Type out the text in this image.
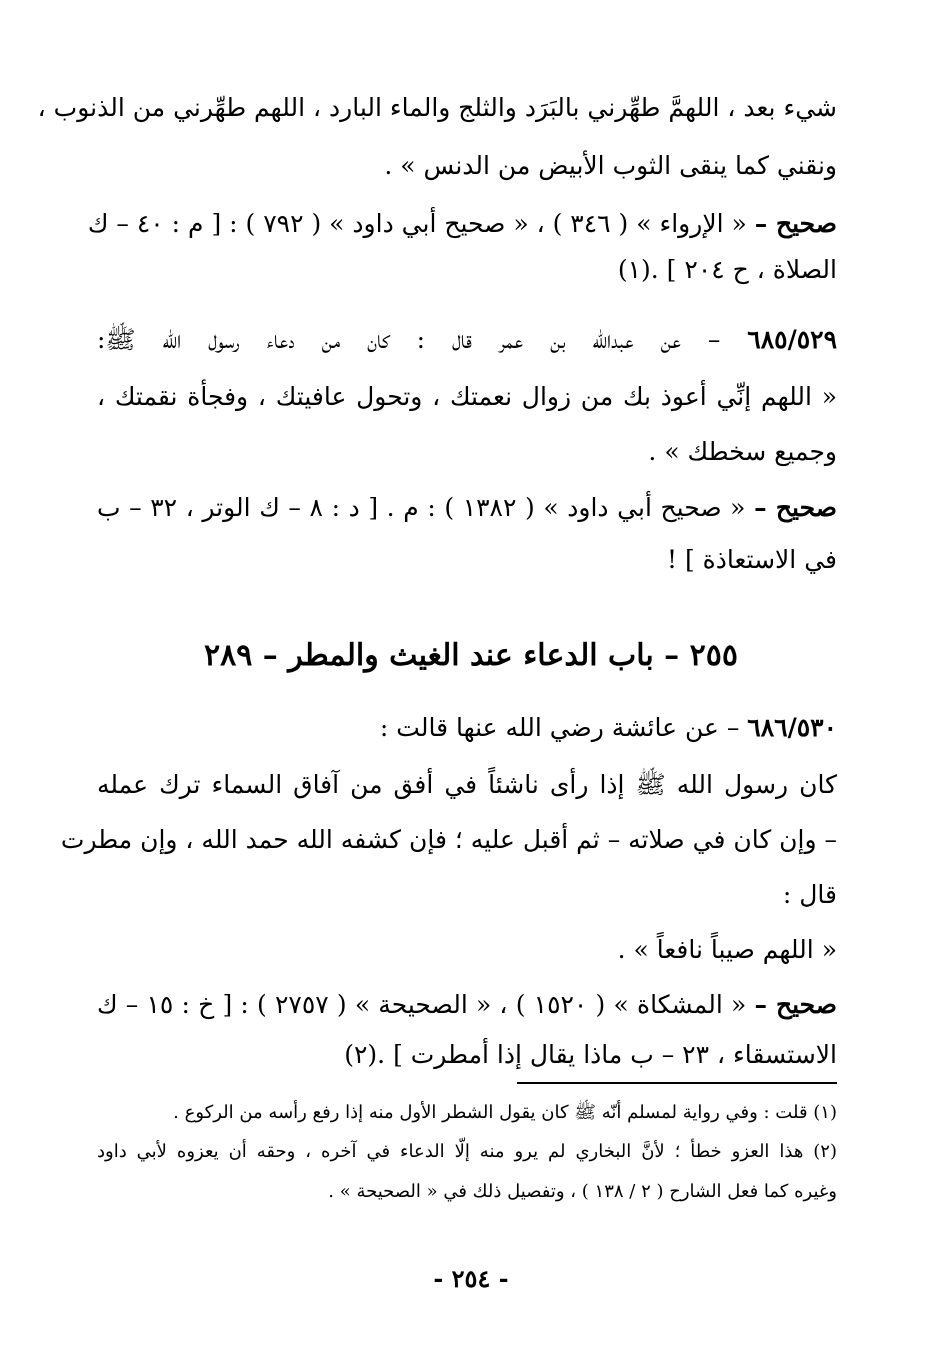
شيء بعد ، اللهمَّ طهِّرني بالبَرَد والثلج والماء البارد ، اللهم طهِّرني من الذنوب ،
ونقني كما ينقى الثوب الأبيض من الدنس » .
صحيح – « الإرواء » ( ٣٤٦ ) ، « صحيح أبي داود » ( ٧٩٢ ) : [ م : ٤٠ – ك
الصلاة ، ح ٢٠٤ ] .(١)
٦٨٥/٥٢٩ – عن عبدالله بن عمر قال : كان من دعاء رسول الله ﷺ:
« اللهم إنِّي أعوذ بك من زوال نعمتك ، وتحول عافيتك ، وفجأة نقمتك ،
وجميع سخطك » .
صحيح – « صحيح أبي داود » ( ١٣٨٢ ) : م . [ د : ٨ – ك الوتر ، ٣٢ – ب
في الاستعاذة ] !
٢٥٥ – باب الدعاء عند الغيث والمطر – ٢٨٩
٦٨٦/٥٣٠ – عن عائشة رضي الله عنها قالت :
كان رسول الله ﷺ إذا رأى ناشئاً في أفق من آفاق السماء ترك عمله
– وإن كان في صلاته – ثم أقبل عليه ؛ فإن كشفه الله حمد الله ، وإن مطرت
قال :
« اللهم صيباً نافعاً » .
صحيح – « المشكاة » ( ١٥٢٠ ) ، « الصحيحة » ( ٢٧٥٧ ) : [ خ : ١٥ – ك
الاستسقاء ، ٢٣ – ب ماذا يقال إذا أمطرت ] .(٢)
(١) قلت : وفي رواية لمسلم أنّه ﷺ كان يقول الشطر الأول منه إذا رفع رأسه من الركوع .
(٢) هذا العزو خطأ ؛ لأنَّ البخاري لم يرو منه إلّا الدعاء في آخره ، وحقه أن يعزوه لأبي داود
وغيره كما فعل الشارح ( ٢ / ١٣٨ ) ، وتفصيل ذلك في « الصحيحة » .
- ٢٥٤ -
